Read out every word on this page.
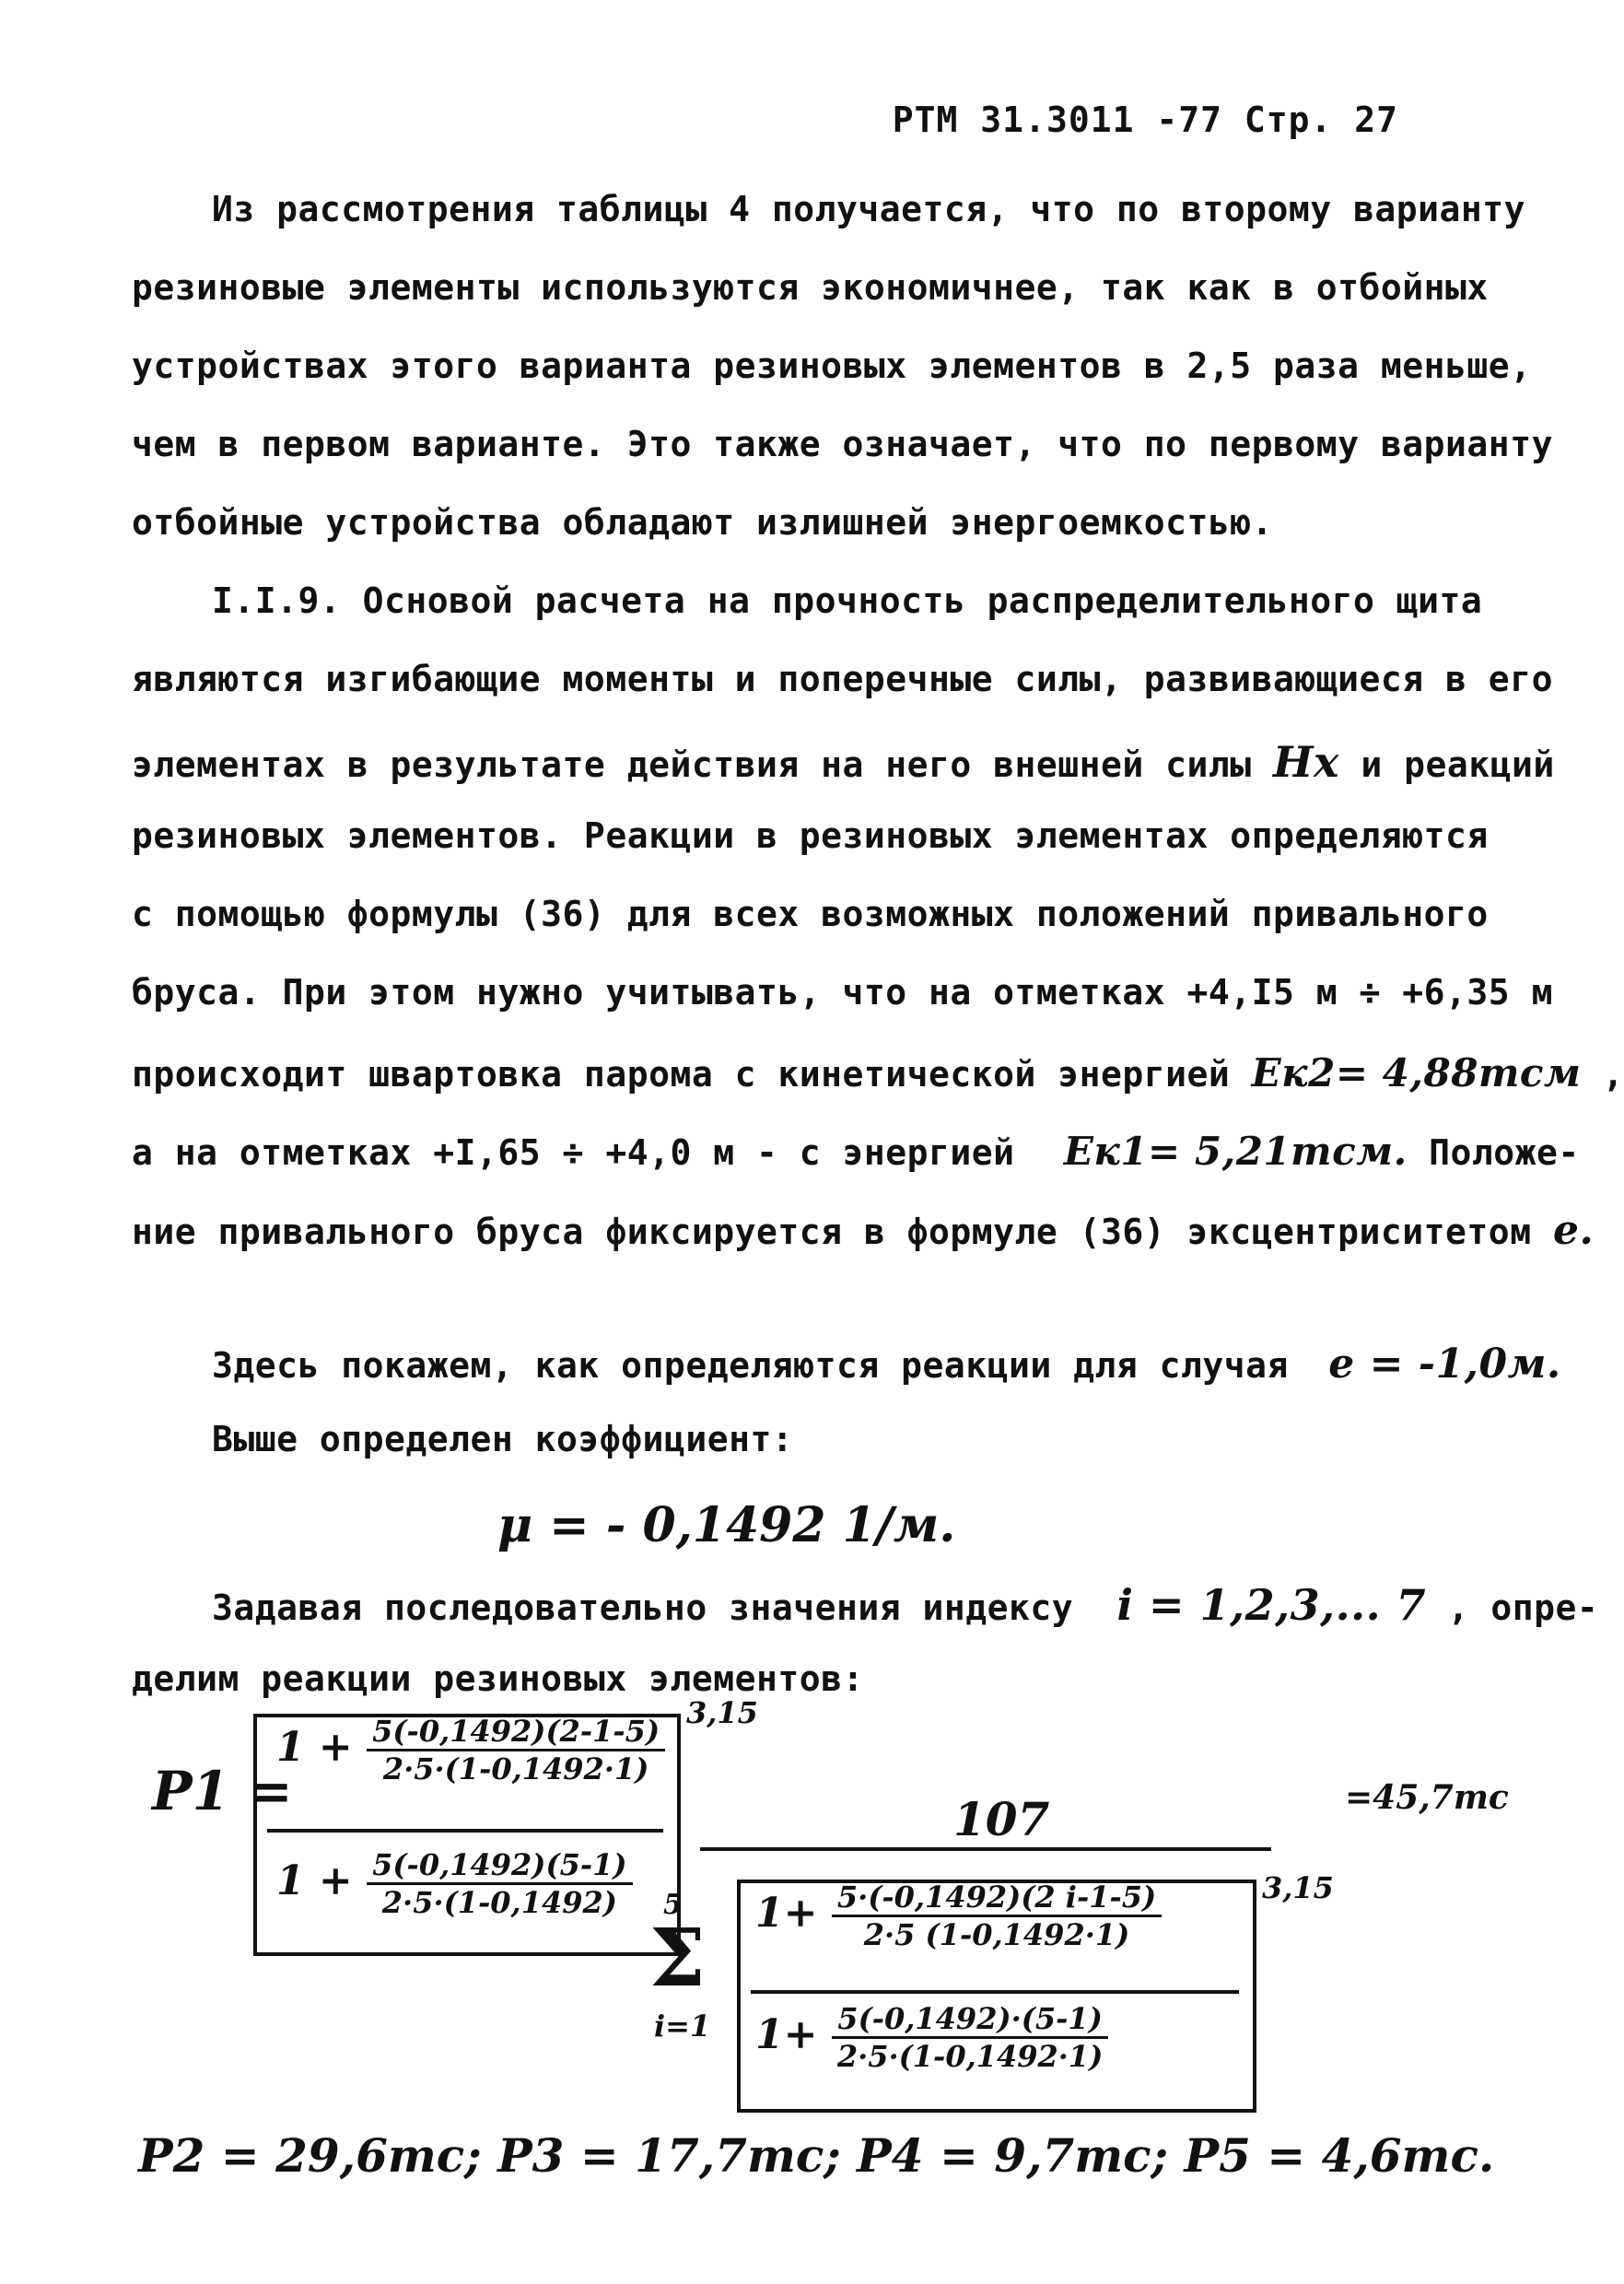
РТМ 31.3011 -77 Стр. 27
Из рассмотрения таблицы 4 получается, что по второму варианту
резиновые элементы используются экономичнее, так как в отбойных
устройствах этого варианта резиновых элементов в 2,5 раза меньше,
чем в первом варианте. Это также означает, что по первому варианту
отбойные устройства обладают излишней энергоемкостью.
I.I.9. Основой расчета на прочность распределительного щита
являются изгибающие моменты и поперечные силы, развивающиеся в его
элементах в результате действия на него внешней силы Hx и реакций
резиновых элементов. Реакции в резиновых элементах определяются
с помощью формулы (36) для всех возможных положений привального
бруса. При этом нужно учитывать, что на отметках +4,I5 м ÷ +6,35 м
происходит швартовка парома с кинетической энергией Eк2= 4,88тсм ,
а на отметках +I,65 ÷ +4,0 м - с энергией Eк1= 5,21тсм. Положе-
ние привального бруса фиксируется в формуле (36) эксцентриситетом e.
Здесь покажем, как определяются реакции для случая e = -1,0м.
Выше определен коэффициент:
μ = - 0,1492 1/м.
Задавая последовательно значения индексу i = 1,2,3,... 7 , опре-
делим реакции резиновых элементов:
P1 =
$1 + \frac{5(-0,1492)(2-1-5)}{2\cdot 5\cdot(1-0,1492\cdot 1)}$
$1 + \frac{5(-0,1492)(5-1)}{2\cdot 5\cdot(1-0,1492)}$
3,15
107
5
Σ
i=1
$1+ \frac{5\cdot(-0,1492)(2 i-1-5)}{2\cdot 5 (1-0,1492\cdot 1)}$
$1+ \frac{5(-0,1492)\cdot(5-1)}{2\cdot 5\cdot(1-0,1492\cdot 1)}$
3,15
=45,7тс
P2 = 29,6тс; P3 = 17,7тс; P4 = 9,7тс; P5 = 4,6тс.
